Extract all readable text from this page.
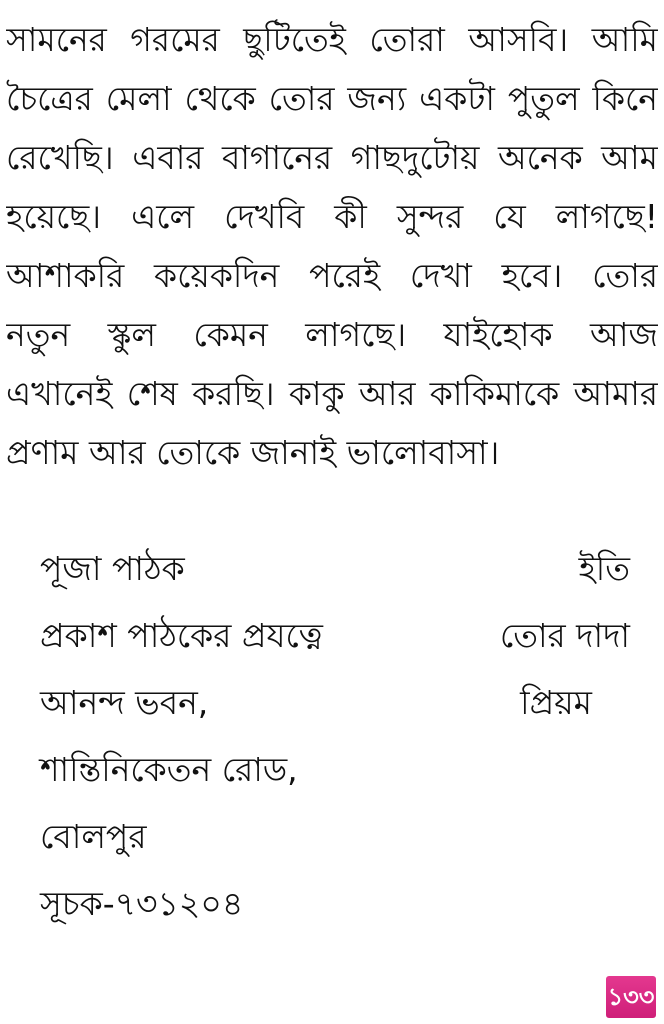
সামনের গরমের ছুটিতেই তোরা আসবি। আমি
চৈত্রের মেলা থেকে তোর জন্য একটা পুতুল কিনে
রেখেছি। এবার বাগানের গাছদুটোয় অনেক আম
হয়েছে। এলে দেখবি কী সুন্দর যে লাগছে!
আশাকরি কয়েকদিন পরেই দেখা হবে। তোর
নতুন স্কুল কেমন লাগছে। যাইহোক আজ
এখানেই শেষ করছি। কাকু আর কাকিমাকে আমার
প্রণাম আর তোকে জানাই ভালোবাসা।
পূজা পাঠক
প্রকাশ পাঠকের প্রযত্নে
আনন্দ ভবন,
শান্তিনিকেতন রোড,
বোলপুর
সূচক-৭৩১২০৪
ইতি
তোর দাদা
প্রিয়ম
১৩৩
